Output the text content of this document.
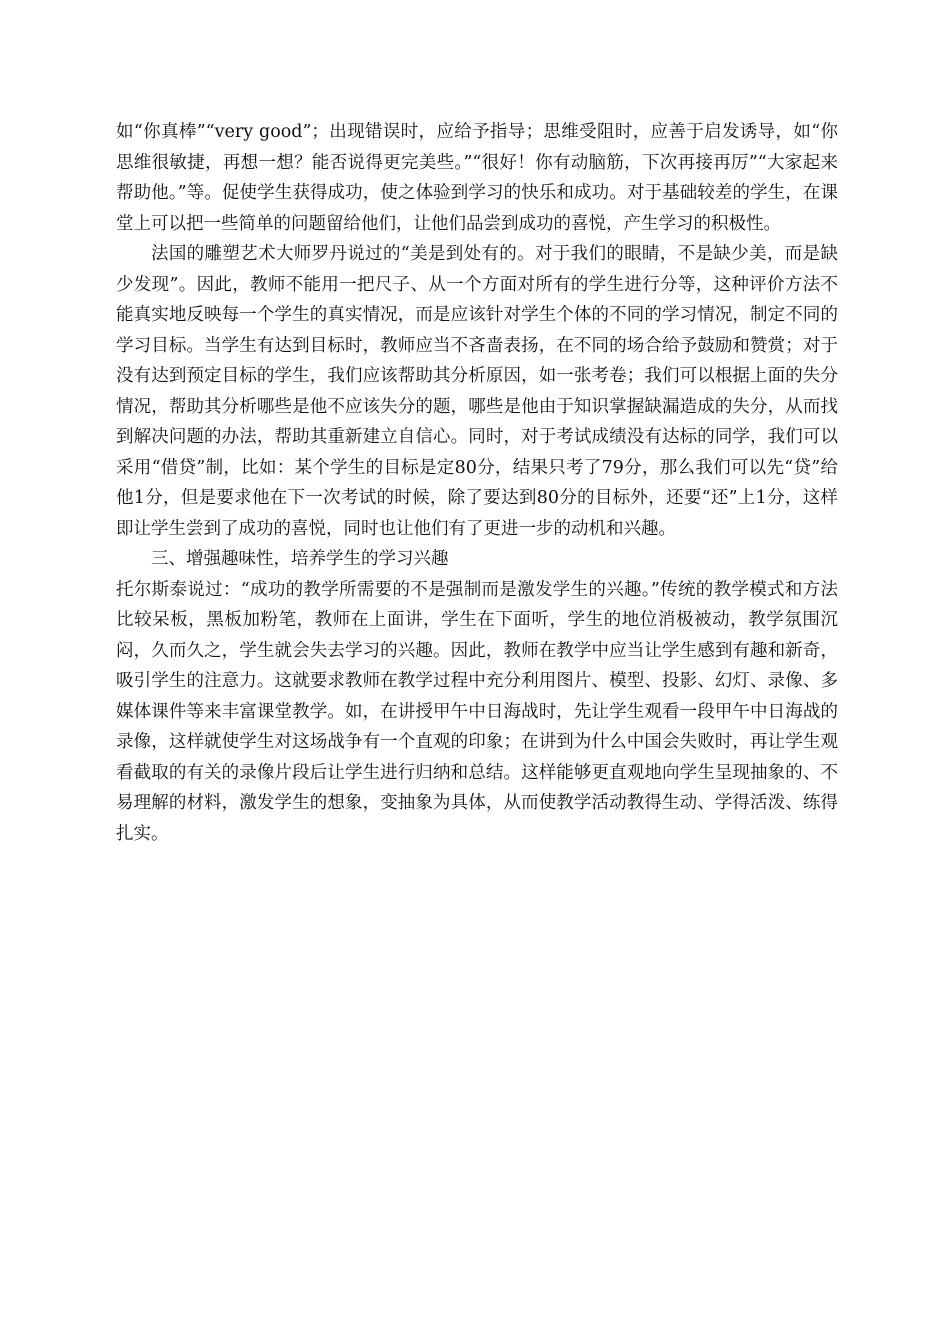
如“你真棒”“very good”；出现错误时，应给予指导；思维受阻时，应善于启发诱导，如“你思维很敏捷，再想一想？能否说得更完美些。”“很好！你有动脑筋，下次再接再厉”“大家起来帮助他。”等。促使学生获得成功，使之体验到学习的快乐和成功。对于基础较差的学生，在课堂上可以把一些简单的问题留给他们，让他们品尝到成功的喜悦，产生学习的积极性。

法国的雕塑艺术大师罗丹说过的“美是到处有的。对于我们的眼睛，不是缺少美，而是缺少发现”。因此，教师不能用一把尺子、从一个方面对所有的学生进行分等，这种评价方法不能真实地反映每一个学生的真实情况，而是应该针对学生个体的不同的学习情况，制定不同的学习目标。当学生有达到目标时，教师应当不吝啬表扬，在不同的场合给予鼓励和赞赏；对于没有达到预定目标的学生，我们应该帮助其分析原因，如一张考卷；我们可以根据上面的失分情况，帮助其分析哪些是他不应该失分的题，哪些是他由于知识掌握缺漏造成的失分，从而找到解决问题的办法，帮助其重新建立自信心。同时，对于考试成绩没有达标的同学，我们可以采用“借贷”制，比如：某个学生的目标是定80分，结果只考了79分，那么我们可以先“贷”给他1分，但是要求他在下一次考试的时候，除了要达到80分的目标外，还要“还”上1分，这样即让学生尝到了成功的喜悦，同时也让他们有了更进一步的动机和兴趣。

三、增强趣味性，培养学生的学习兴趣

托尔斯泰说过：“成功的教学所需要的不是强制而是激发学生的兴趣。”传统的教学模式和方法比较呆板，黑板加粉笔，教师在上面讲，学生在下面听，学生的地位消极被动，教学氛围沉闷，久而久之，学生就会失去学习的兴趣。因此，教师在教学中应当让学生感到有趣和新奇，吸引学生的注意力。这就要求教师在教学过程中充分利用图片、模型、投影、幻灯、录像、多媒体课件等来丰富课堂教学。如，在讲授甲午中日海战时，先让学生观看一段甲午中日海战的录像，这样就使学生对这场战争有一个直观的印象；在讲到为什么中国会失败时，再让学生观看截取的有关的录像片段后让学生进行归纳和总结。这样能够更直观地向学生呈现抽象的、不易理解的材料，激发学生的想象，变抽象为具体，从而使教学活动教得生动、学得活泼、练得扎实。
